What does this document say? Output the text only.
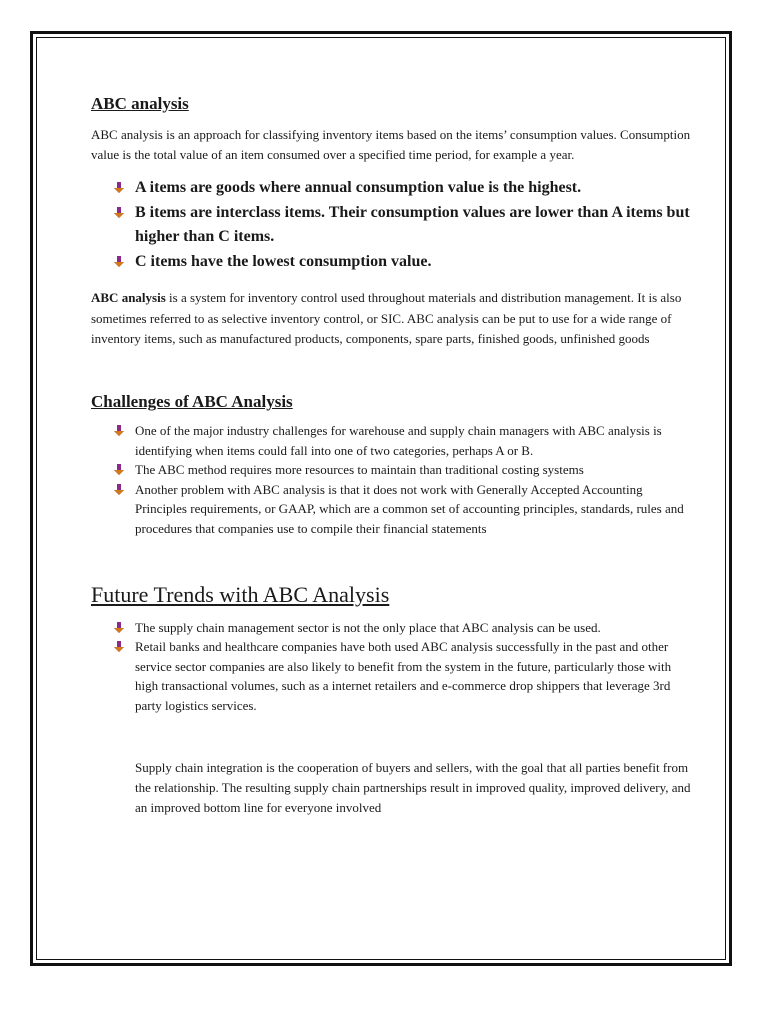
ABC analysis

ABC analysis is an approach for classifying inventory items based on the items’ consumption values. Consumption value is the total value of an item consumed over a specified time period, for example a year.

A items are goods where annual consumption value is the highest.
B items are interclass items. Their consumption values are lower than A items but higher than C items.
C items have the lowest consumption value.

ABC analysis is a system for inventory control used throughout materials and distribution management. It is also sometimes referred to as selective inventory control, or SIC. ABC analysis can be put to use for a wide range of inventory items, such as manufactured products, components, spare parts, finished goods, unfinished goods

Challenges of ABC Analysis
One of the major industry challenges for warehouse and supply chain managers with ABC analysis is identifying when items could fall into one of two categories, perhaps A or B.
The ABC method requires more resources to maintain than traditional costing systems
Another problem with ABC analysis is that it does not work with Generally Accepted Accounting Principles requirements, or GAAP, which are a common set of accounting principles, standards, rules and procedures that companies use to compile their financial statements
Future Trends with ABC Analysis
The supply chain management sector is not the only place that ABC analysis can be used.
Retail banks and healthcare companies have both used ABC analysis successfully in the past and other service sector companies are also likely to benefit from the system in the future, particularly those with high transactional volumes, such as a internet retailers and e-commerce drop shippers that leverage 3rd party logistics services.

Supply chain integration is the cooperation of buyers and sellers, with the goal that all parties benefit from the relationship. The resulting supply chain partnerships result in improved quality, improved delivery, and an improved bottom line for everyone involved
